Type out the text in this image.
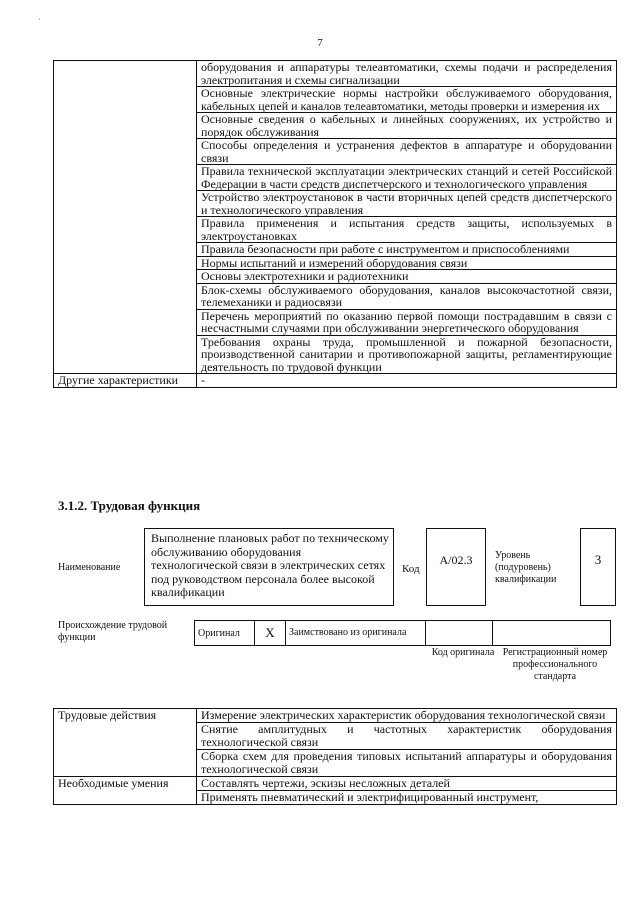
·
7
	оборудования и аппаратуры телеавтоматики, схемы подачи и распределения электропитания и схемы сигнализации
	Основные электрические нормы настройки обслуживаемого оборудования, кабельных цепей и каналов телеавтоматики, методы проверки и измерения их
	Основные сведения о кабельных и линейных сооружениях, их устройство и порядок обслуживания
	Способы определения и устранения дефектов в аппаратуре и оборудовании связи
	Правила технической эксплуатации электрических станций и сетей Российской Федерации в части средств диспетчерского и технологического управления
	Устройство электроустановок в части вторичных цепей средств диспетчерского и технологического управления
	Правила применения и испытания средств защиты, используемых в электроустановках
	Правила безопасности при работе с инструментом и приспособлениями
	Нормы испытаний и измерений оборудования связи
	Основы электротехники и радиотехники
	Блок-схемы обслуживаемого оборудования, каналов высокочастотной связи, телемеханики и радиосвязи
	Перечень мероприятий по оказанию первой помощи пострадавшим в связи с несчастными случаями при обслуживании энергетического оборудования
	Требования охраны труда, промышленной и пожарной безопасности, производственной санитарии и противопожарной защиты, регламентирующие деятельность по трудовой функции
Другие характеристики	-
3.1.2. Трудовая функция
Наименование
Выполнение плановых работ по техническому обслуживанию оборудования технологической связи в электрических сетях под руководством персонала более высокой квалификации
Код
A/02.3	Уровень (подуровень) квалификации
3
Происхождение трудовой функции	Оригинал	X	Заимствовано из оригинала		
Код оригинала Регистрационный номер профессионального стандарта
Трудовые действия	Измерение электрических характеристик оборудования технологической связи
	Снятие амплитудных и частотных характеристик оборудования технологической связи
	Сборка схем для проведения типовых испытаний аппаратуры и оборудования технологической связи
Необходимые умения	Составлять чертежи, эскизы несложных деталей
	Применять пневматический и электрифицированный инструмент,
